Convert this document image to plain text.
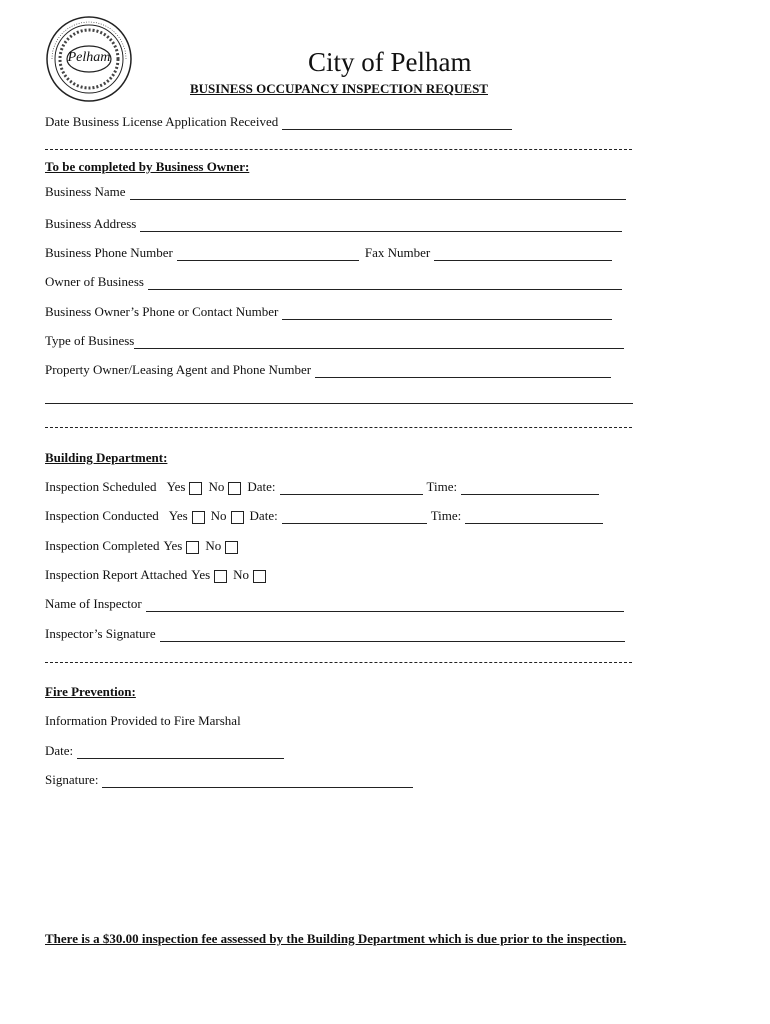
Pelham	City of Pelham
BUSINESS OCCUPANCY INSPECTION REQUEST
Date Business License Application Received
To be completed by Business Owner:
Business Name
Business Address
Business Phone Number	Fax Number
Owner of Business
Business Owner’s Phone or Contact Number
Type of Business
Property Owner/Leasing Agent and Phone Number
Building Department:
Inspection Scheduled Yes No Date:	Time:
Inspection Conducted Yes No Date:	Time:
Inspection Completed Yes No
Inspection Report Attached Yes No
Name of Inspector
Inspector’s Signature
Fire Prevention:
Information Provided to Fire Marshal
Date:
Signature:
There is a $30.00 inspection fee assessed by the Building Department which is due prior to the inspection.
